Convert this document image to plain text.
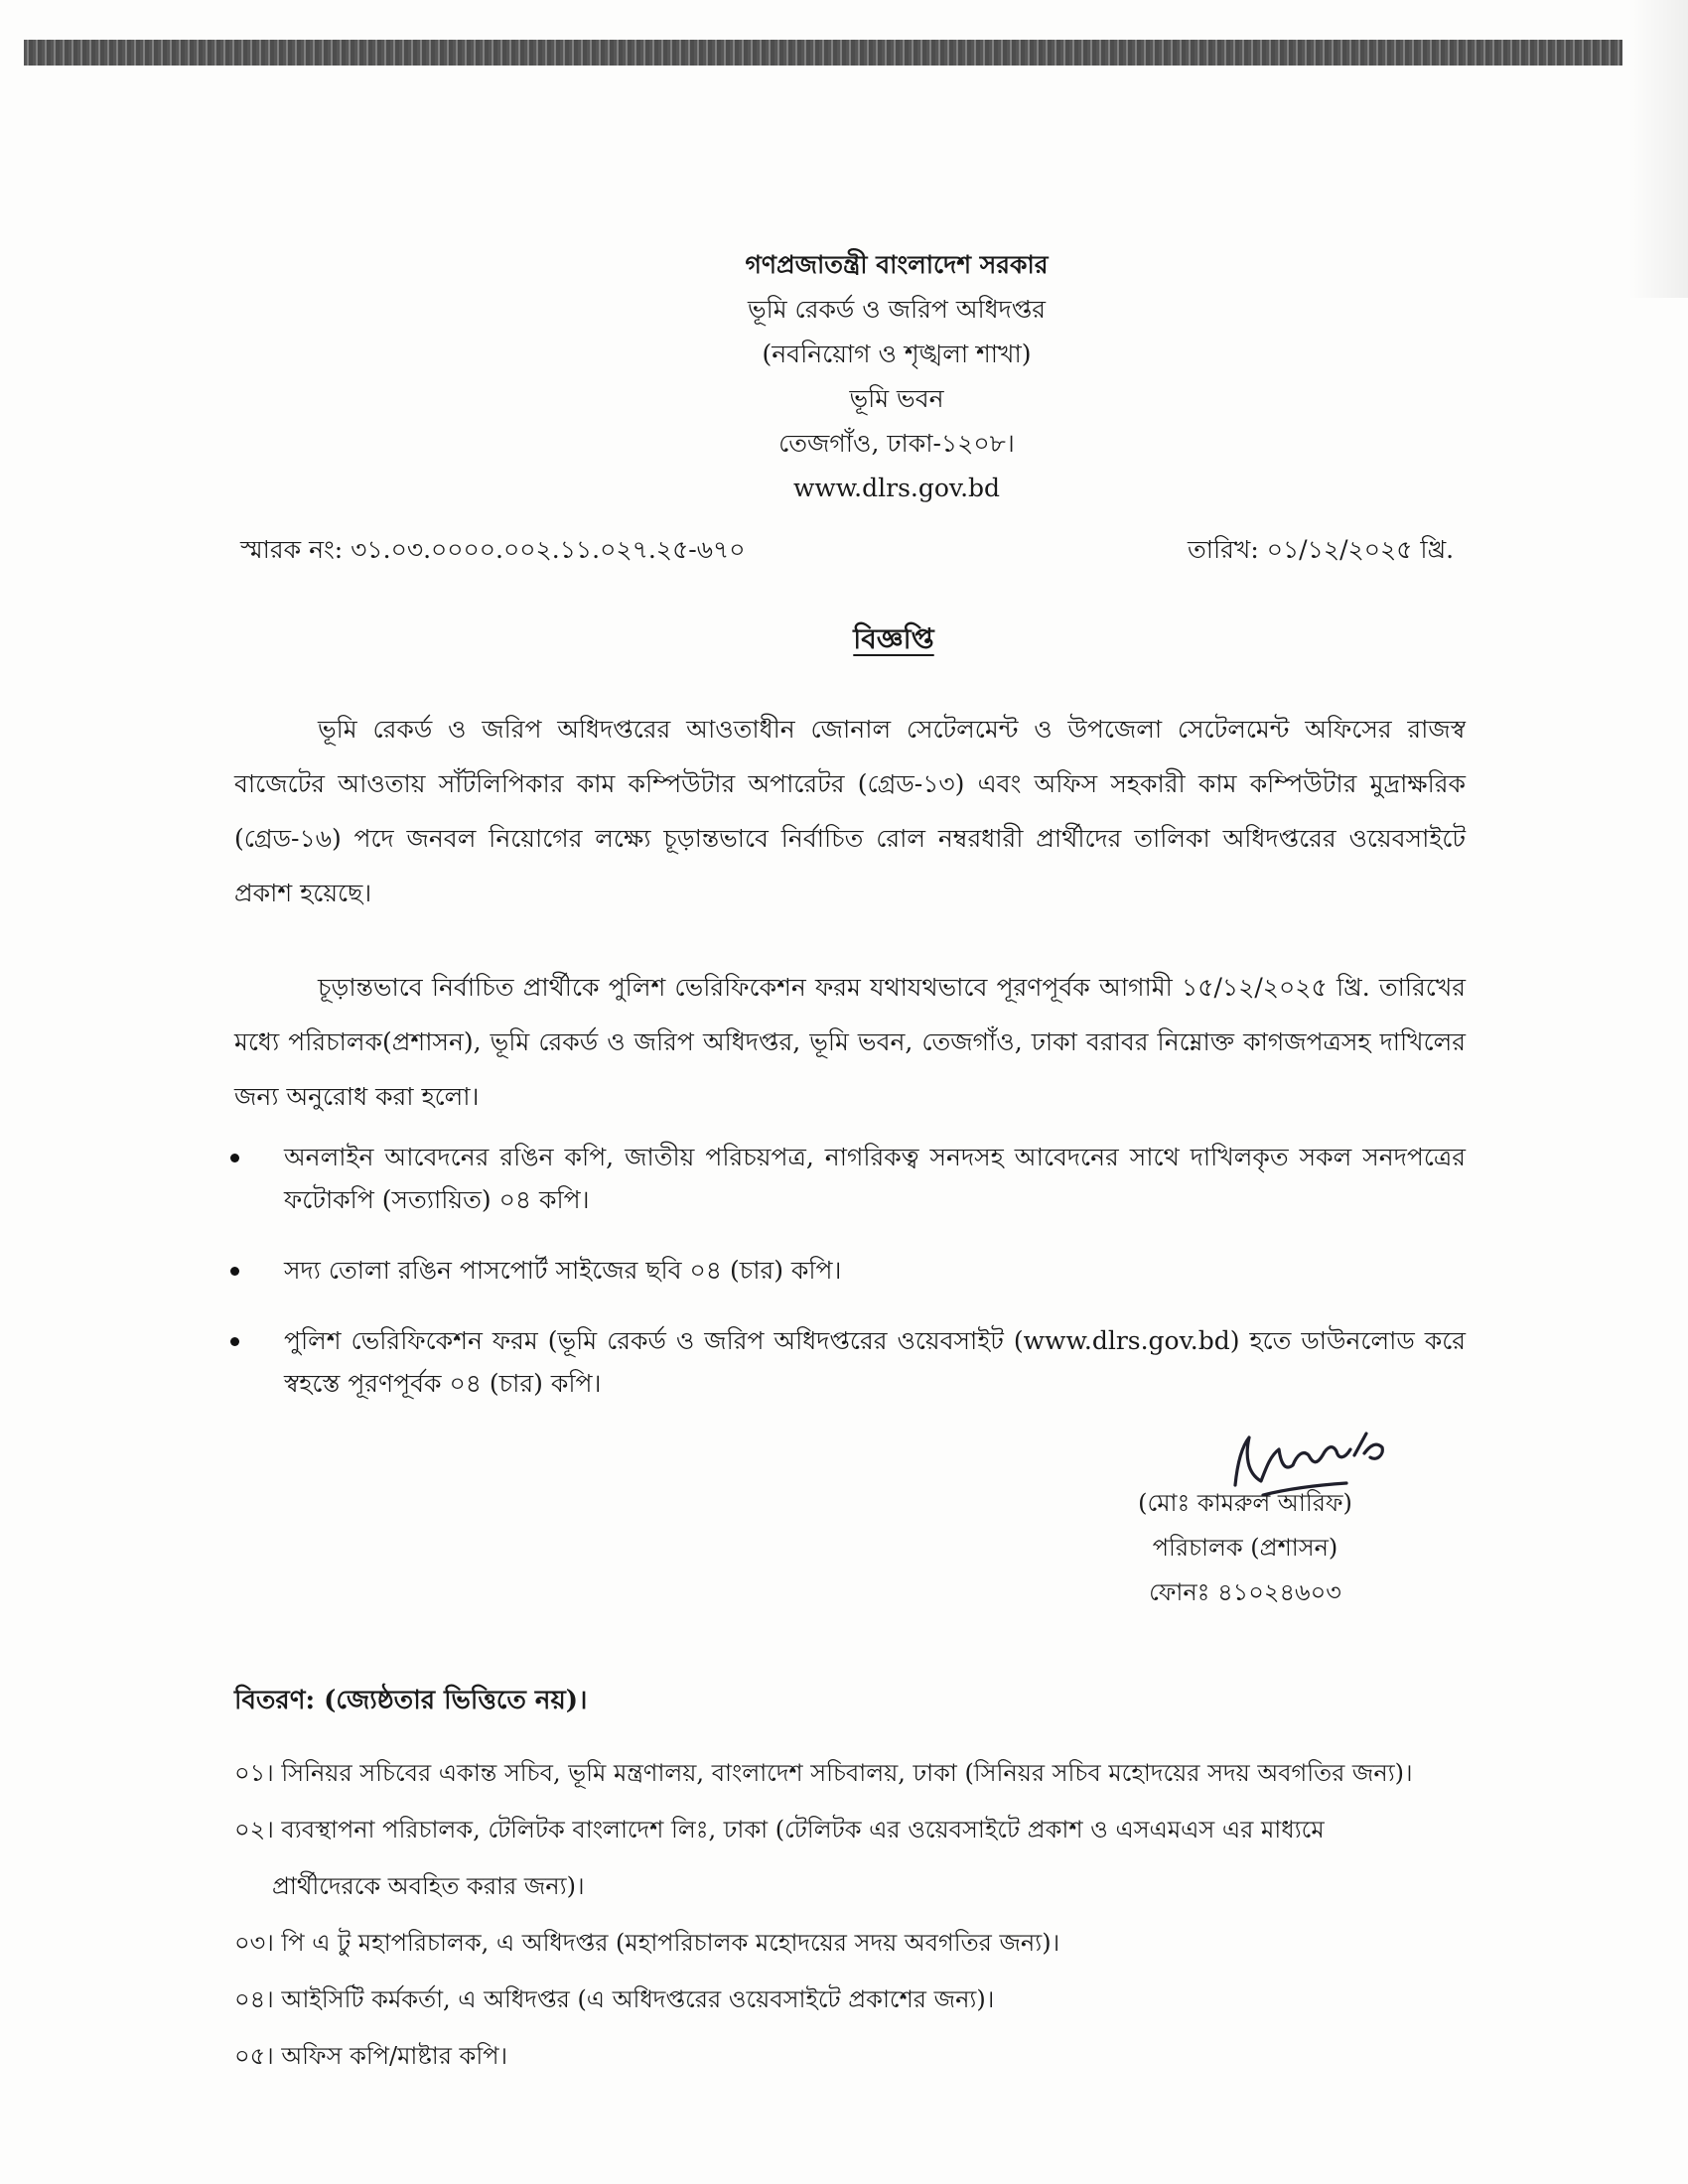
গণপ্রজাতন্ত্রী বাংলাদেশ সরকার
ভূমি রেকর্ড ও জরিপ অধিদপ্তর
(নবনিয়োগ ও শৃঙ্খলা শাখা)
ভূমি ভবন
তেজগাঁও, ঢাকা-১২০৮।
www.dlrs.gov.bd
স্মারক নং: ৩১.০৩.০০০০.০০২.১১.০২৭.২৫-৬৭০	তারিখ: ০১/১২/২০২৫ খ্রি.
বিজ্ঞপ্তি

ভূমি রেকর্ড ও জরিপ অধিদপ্তরের আওতাধীন জোনাল সেটেলমেন্ট ও উপজেলা সেটেলমেন্ট অফিসের রাজস্ব বাজেটের আওতায় সাঁটলিপিকার কাম কম্পিউটার অপারেটর (গ্রেড-১৩) এবং অফিস সহকারী কাম কম্পিউটার মুদ্রাক্ষরিক (গ্রেড-১৬) পদে জনবল নিয়োগের লক্ষ্যে চূড়ান্তভাবে নির্বাচিত রোল নম্বরধারী প্রার্থীদের তালিকা অধিদপ্তরের ওয়েবসাইটে প্রকাশ হয়েছে।

চূড়ান্তভাবে নির্বাচিত প্রার্থীকে পুলিশ ভেরিফিকেশন ফরম যথাযথভাবে পূরণপূর্বক আগামী ১৫/১২/২০২৫ খ্রি. তারিখের মধ্যে পরিচালক(প্রশাসন), ভূমি রেকর্ড ও জরিপ অধিদপ্তর, ভূমি ভবন, তেজগাঁও, ঢাকা বরাবর নিম্নোক্ত কাগজপত্রসহ দাখিলের জন্য অনুরোধ করা হলো।

অনলাইন আবেদনের রঙিন কপি, জাতীয় পরিচয়পত্র, নাগরিকত্ব সনদসহ আবেদনের সাথে দাখিলকৃত সকল সনদপত্রের ফটোকপি (সত্যায়িত) ০৪ কপি।
সদ্য তোলা রঙিন পাসপোর্ট সাইজের ছবি ০৪ (চার) কপি।
পুলিশ ভেরিফিকেশন ফরম (ভূমি রেকর্ড ও জরিপ অধিদপ্তরের ওয়েবসাইট (www.dlrs.gov.bd) হতে ডাউনলোড করে স্বহস্তে পূরণপূর্বক ০৪ (চার) কপি।
(মোঃ কামরুল আরিফ)
পরিচালক (প্রশাসন)
ফোনঃ ৪১০২৪৬০৩
বিতরণ: (জ্যেষ্ঠতার ভিত্তিতে নয়)।
০১। সিনিয়র সচিবের একান্ত সচিব, ভূমি মন্ত্রণালয়, বাংলাদেশ সচিবালয়, ঢাকা (সিনিয়র সচিব মহোদয়ের সদয় অবগতির জন্য)।
০২। ব্যবস্থাপনা পরিচালক, টেলিটক বাংলাদেশ লিঃ, ঢাকা (টেলিটক এর ওয়েবসাইটে প্রকাশ ও এসএমএস এর মাধ্যমে
প্রার্থীদেরকে অবহিত করার জন্য)।
০৩। পি এ টু মহাপরিচালক, এ অধিদপ্তর (মহাপরিচালক মহোদয়ের সদয় অবগতির জন্য)।
০৪। আইসিটি কর্মকর্তা, এ অধিদপ্তর (এ অধিদপ্তরের ওয়েবসাইটে প্রকাশের জন্য)।
০৫। অফিস কপি/মাষ্টার কপি।
